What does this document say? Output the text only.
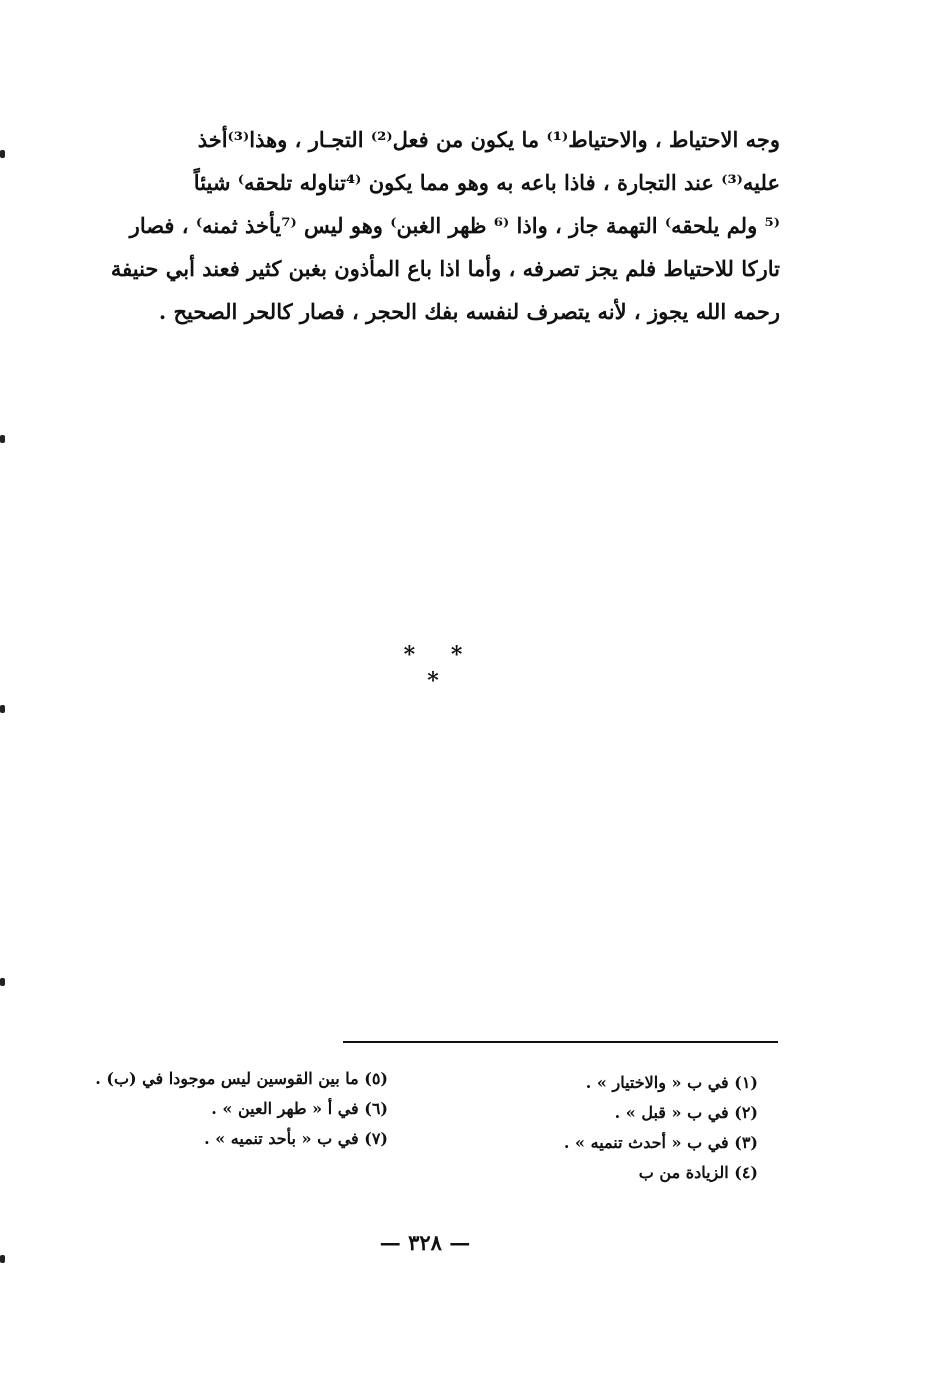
وجه الاحتياط ، والاحتياط⁽¹⁾ ما يكون من فعل⁽²⁾ التجـار ، وهذا⁽³⁾أخذ
عليه⁽³⁾ عند التجارة ، فاذا باعه به وهو مما يكون ⁽⁴تناوله تلحقه⁾ شيئاً
⁽⁵ ولم يلحقه⁾ التهمة جاز ، واذا ⁽⁶ ظهر الغبن⁾ وهو ليس ⁽⁷يأخذ ثمنه⁾ ، فصار
تاركا للاحتياط فلم يجز تصرفه ، وأما اذا باع المأذون بغبن كثير فعند أبي حنيفة
رحمه الله يجوز ، لأنه يتصرف لنفسه بفك الحجر ، فصار كالحر الصحيح .
* * *
(١) في ب « والاختيار » .
(٢) في ب « قبل » .
(٣) في ب « أحدث تنميه » .
(٤) الزيادة من ب
(٥) ما بين القوسين ليس موجودا في (ب) .
(٦) في أ « طهر العين » .
(٧) في ب « بأحد تنميه » .
— ٣٢٨ —
